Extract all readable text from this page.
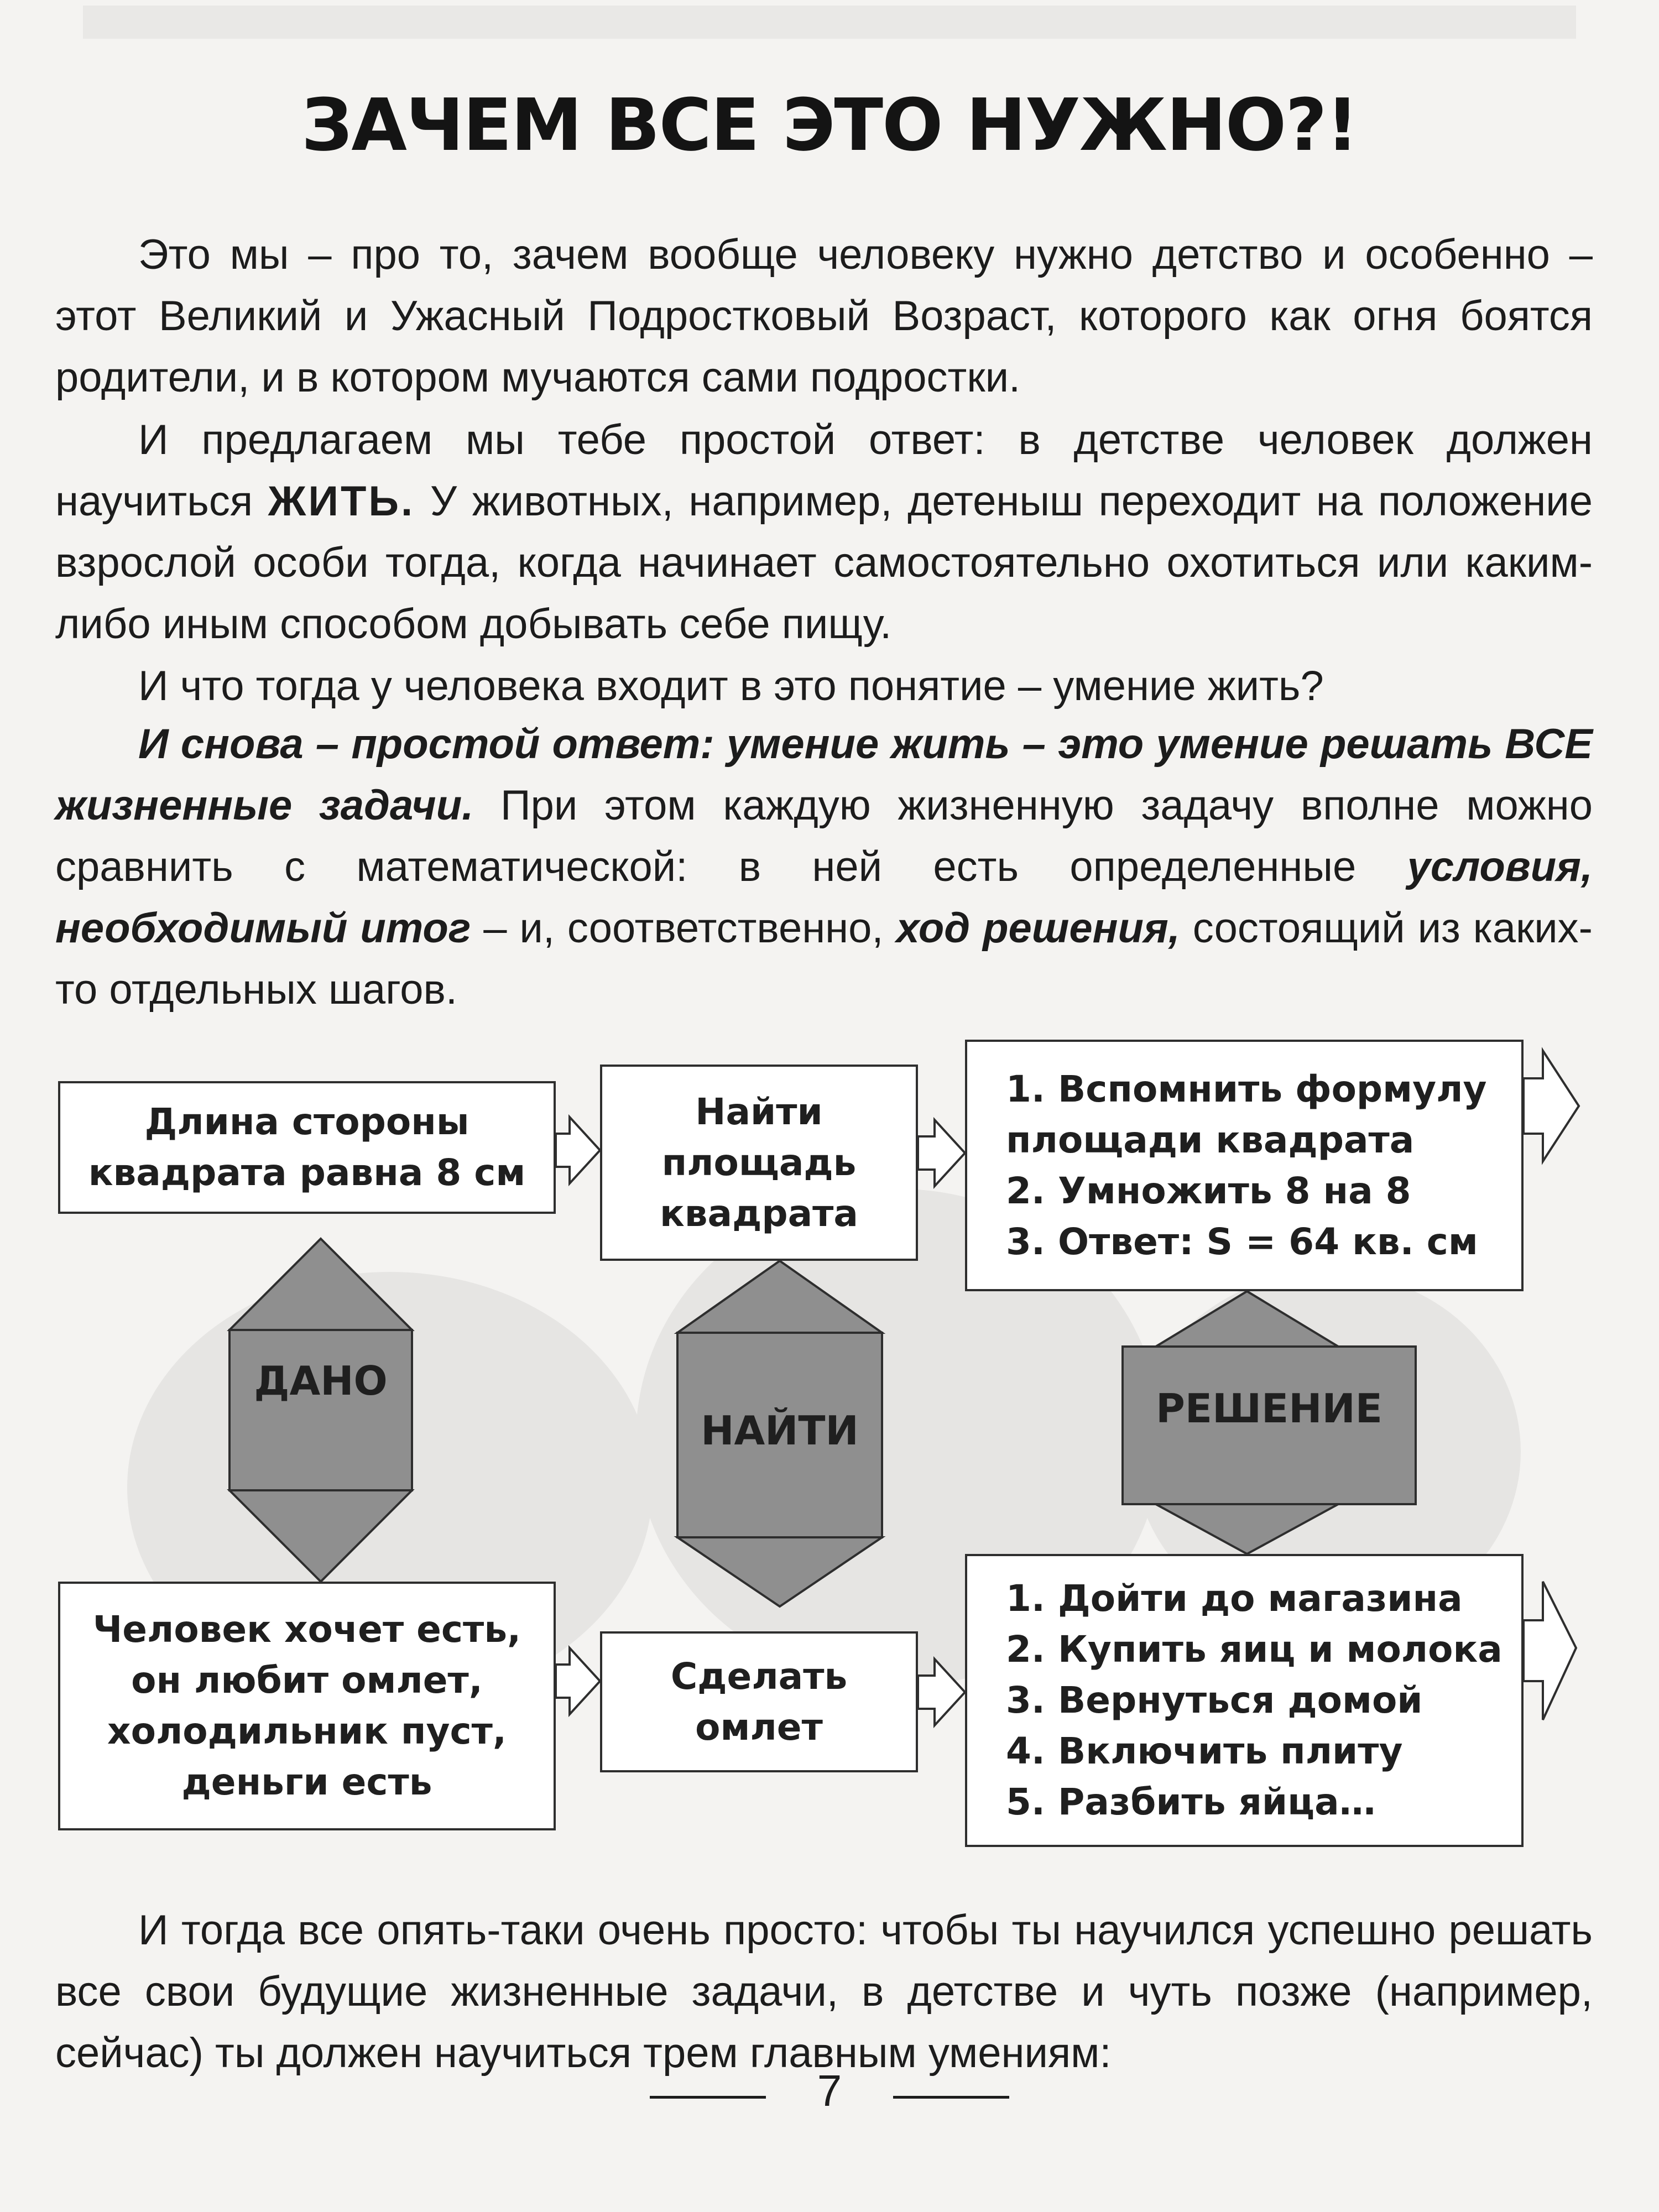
ЗАЧЕМ ВСЕ ЭТО НУЖНО?!
Это мы – про то, зачем вообще человеку нужно детство и особенно – этот Великий и Ужасный Подростковый Возраст, которого как огня боятся родители, и в котором мучаются сами подростки.
И предлагаем мы тебе простой ответ: в детстве человек должен научиться ЖИТЬ. У животных, например, детеныш переходит на положение взрослой особи тогда, когда начинает самостоятельно охотиться или каким-либо иным способом добывать себе пищу.
И что тогда у человека входит в это понятие – умение жить?
И снова – простой ответ: умение жить – это умение решать ВСЕ жизненные задачи. При этом каждую жизненную задачу вполне можно сравнить с математической: в ней есть определенные условия, необходимый итог – и, соответственно, ход решения, состоящий из каких-то отдельных шагов.
Длина стороны
квадрата равна 8 см
Найти
площадь
квадрата
1. Вспомнить формулу
площади квадрата
2. Умножить 8 на 8
3. Ответ: S = 64 кв. см
Человек хочет есть,
он любит омлет,
холодильник пуст,
деньги есть
Сделать
омлет
1. Дойти до магазина
2. Купить яиц и молока
3. Вернуться домой
4. Включить плиту
5. Разбить яйца…
ДАНО
НАЙТИ	РЕШЕНИЕ
И тогда все опять-таки очень просто: чтобы ты научился успешно решать все свои будущие жизненные задачи, в детстве и чуть позже (например, сейчас) ты должен научиться трем главным умениям:
7
